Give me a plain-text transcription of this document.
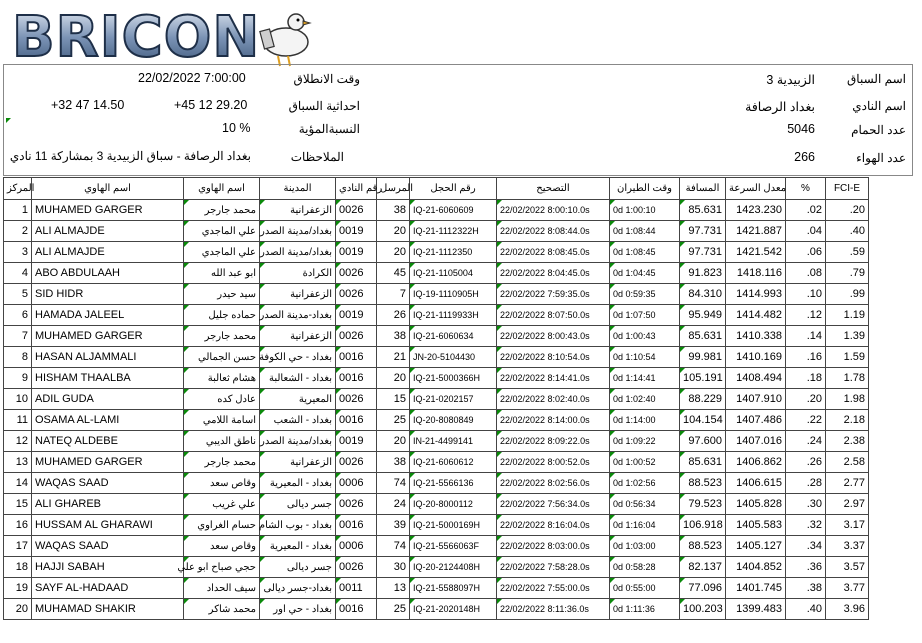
BRICON
اسم السباق
الزبيدية 3
اسم النادي
بغداد الرصافة
عدد الحمام
5046
عدد الهواء
266
وقت الانطلاق
22/02/2022 7:00:00
احداثية السباق
+45 12 29.20
+32 47 14.50
النسبةالمؤية
10 %
الملاحظات
بغداد الرصافة - سباق الزبيدية 3 بمشاركة 11 نادي
المركز	اسم الهاوي	اسم الهاوي	المدينة	رقم النادي	المرسل	رقم الحجل	التصحيح	وقت الطيران	المسافة	معدل السرعة	%	FCI-E
1	MUHAMED GARGER	محمد جارجر	الزعفرانية	0026	38	IQ-21-6060609	22/02/2022 8:00:10.0s	0d 1:00:10	85.631	1423.230	.02	.20
2	ALI ALMAJDE	علي الماجدي	بغداد/مدينة الصدر	0019	20	IQ-21-1112322H	22/02/2022 8:08:44.0s	0d 1:08:44	97.731	1421.887	.04	.40
3	ALI ALMAJDE	علي الماجدي	بغداد/مدينة الصدر	0019	20	IQ-21-1112350	22/02/2022 8:08:45.0s	0d 1:08:45	97.731	1421.542	.06	.59
4	ABO ABDULAAH	ابو عبد الله	الكرادة	0026	45	IQ-21-1105004	22/02/2022 8:04:45.0s	0d 1:04:45	91.823	1418.116	.08	.79
5	SID HIDR	سيد حيدر	الزعفرانية	0026	7	IQ-19-1110905H	22/02/2022 7:59:35.0s	0d 0:59:35	84.310	1414.993	.10	.99
6	HAMADA JALEEL	حماده جليل	بغداد-مدينة الصدر	0019	26	IQ-21-1119933H	22/02/2022 8:07:50.0s	0d 1:07:50	95.949	1414.482	.12	1.19
7	MUHAMED GARGER	محمد جارجر	الزعفرانية	0026	38	IQ-21-6060634	22/02/2022 8:00:43.0s	0d 1:00:43	85.631	1410.338	.14	1.39
8	HASAN ALJAMMALI	حسن الجمالي	بغداد - حي الكوفة	0016	21	JN-20-5104430	22/02/2022 8:10:54.0s	0d 1:10:54	99.981	1410.169	.16	1.59
9	HISHAM THAALBA	هشام ثعالبة	بغداد - الشعالبة	0016	20	IQ-21-5000366H	22/02/2022 8:14:41.0s	0d 1:14:41	105.191	1408.494	.18	1.78
10	ADIL GUDA	عادل كده	المعيرية	0026	15	IQ-21-0202157	22/02/2022 8:02:40.0s	0d 1:02:40	88.229	1407.910	.20	1.98
11	OSAMA AL-LAMI	اسامة اللامي	بغداد - الشعب	0016	25	IQ-20-8080849	22/02/2022 8:14:00.0s	0d 1:14:00	104.154	1407.486	.22	2.18
12	NATEQ ALDEBE	ناطق الديبي	بغداد/مدينة الصدر	0019	20	IN-21-4499141	22/02/2022 8:09:22.0s	0d 1:09:22	97.600	1407.016	.24	2.38
13	MUHAMED GARGER	محمد جارجر	الزعفرانية	0026	38	IQ-21-6060612	22/02/2022 8:00:52.0s	0d 1:00:52	85.631	1406.862	.26	2.58
14	WAQAS SAAD	وقاص سعد	بغداد - المعيرية	0006	74	IQ-21-5566136	22/02/2022 8:02:56.0s	0d 1:02:56	88.523	1406.615	.28	2.77
15	ALI GHAREB	علي غريب	جسر ديالى	0026	24	IQ-20-8000112	22/02/2022 7:56:34.0s	0d 0:56:34	79.523	1405.828	.30	2.97
16	HUSSAM AL GHARAWI	حسام الغراوي	بغداد - بوب الشام	0016	39	IQ-21-5000169H	22/02/2022 8:16:04.0s	0d 1:16:04	106.918	1405.583	.32	3.17
17	WAQAS SAAD	وقاص سعد	بغداد - المعيرية	0006	74	IQ-21-5566063F	22/02/2022 8:03:00.0s	0d 1:03:00	88.523	1405.127	.34	3.37
18	HAJJI SABAH	حجي صباح ابو علي	جسر ديالى	0026	30	IQ-20-2124408H	22/02/2022 7:58:28.0s	0d 0:58:28	82.137	1404.852	.36	3.57
19	SAYF AL-HADAAD	سيف الحداد	بغداد-جسر ديالى	0011	13	IQ-21-5588097H	22/02/2022 7:55:00.0s	0d 0:55:00	77.096	1401.745	.38	3.77
20	MUHAMAD SHAKIR	محمد شاكر	بغداد - حي اور	0016	25	IQ-21-2020148H	22/02/2022 8:11:36.0s	0d 1:11:36	100.203	1399.483	.40	3.96
